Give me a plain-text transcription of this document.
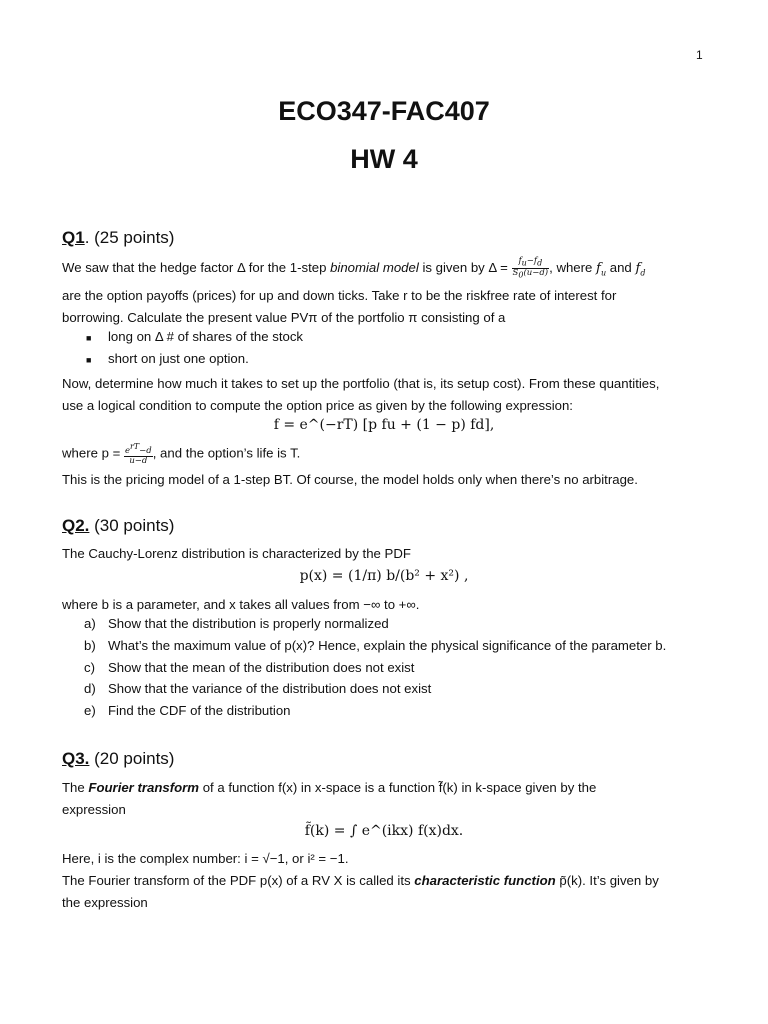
1
ECO347-FAC407
HW 4
Q1. (25 points)
We saw that the hedge factor Δ for the 1-step binomial model is given by $\Delta = \frac{f_u-f_d}{S_0(u-d)}$ , where $f_u$ and $f_d$
are the option payoffs (prices) for up and down ticks. Take r to be the riskfree rate of interest for
borrowing. Calculate the present value PVπ of the portfolio π consisting of a
■ long on Δ # of shares of the stock
■ short on just one option.
Now, determine how much it takes to set up the portfolio (that is, its setup cost). From these quantities,
use a logical condition to compute the option price as given by the following expression:
f = e^(−rT) [p fu + (1 − p) fd],
where $p = \frac{e^{rT}-d}{u-d}$ , and the option’s life is T.
This is the pricing model of a 1-step BT. Of course, the model holds only when there’s no arbitrage.
Q2. (30 points)
The Cauchy-Lorenz distribution is characterized by the PDF
p(x) = (1/π) b/(b² + x²) ,
where b is a parameter, and x takes all values from −∞ to +∞.
a) Show that the distribution is properly normalized
b) What’s the maximum value of p(x)? Hence, explain the physical significance of the parameter b.
c) Show that the mean of the distribution does not exist
d) Show that the variance of the distribution does not exist
e) Find the CDF of the distribution
Q3. (20 points)
The Fourier transform of a function f(x) in x-space is a function f̃(k) in k-space given by the
expression
f̃(k) = ∫ e^(ikx) f(x)dx.
Here, i is the complex number: i = √−1, or i² = −1.
The Fourier transform of the PDF p(x) of a RV X is called its characteristic function p̃(k). It’s given by
the expression
